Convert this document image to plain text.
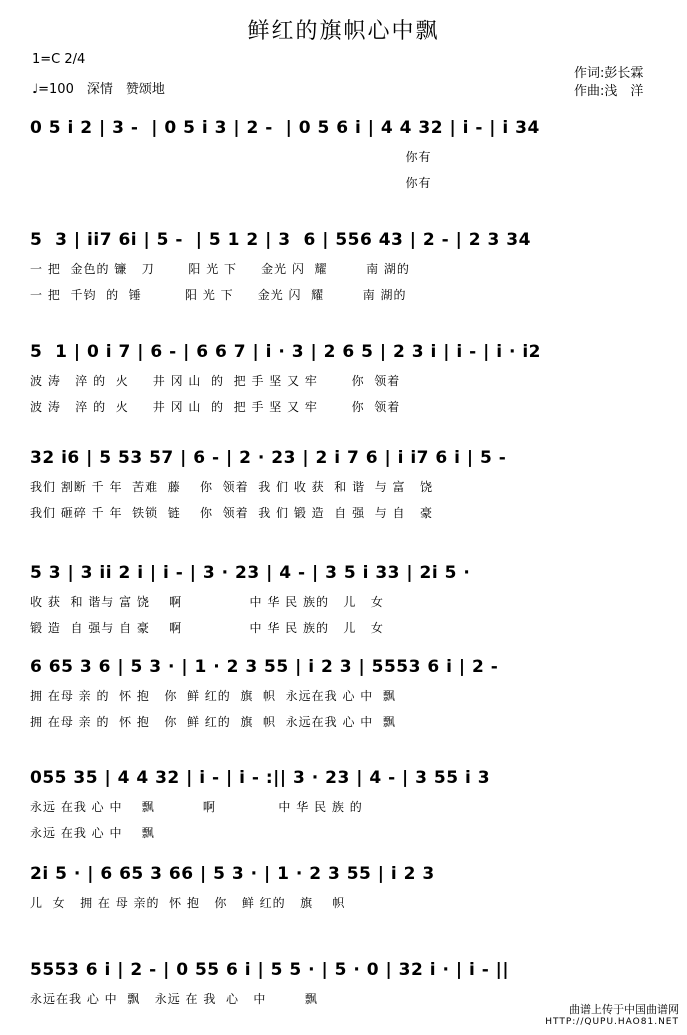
鲜红的旗帜心中飘
1=C 2/4
♩=100　深情　赞颂地
作词:彭长霖
作曲:浅　洋
0 5 i 2 | 3 -  | 0 5 i 3 | 2 -  | 0 5 6 i | 4 4 32 | i - | i 34
你有
你有
5  3 | ii7 6i | 5 -  | 5 1 2 | 3  6 | 556 43 | 2 - | 2 3 34
一 把  金色的 镰   刀       阳 光 下     金光 闪  耀        南 湖的
一 把  千钧  的  锤         阳 光 下     金光 闪  耀        南 湖的
5  1 | 0 i 7 | 6 - | 6 6 7 | i · 3 | 2 6 5 | 2 3 i | i - | i · i2
波 涛   淬 的  火     井 冈 山  的  把 手 坚 又 牢       你  领着
波 涛   淬 的  火     井 冈 山  的  把 手 坚 又 牢       你  领着
32 i6 | 5 53 57 | 6 - | 2 · 23 | 2 i 7 6 | i i7 6 i | 5 -
我们 割断 千 年  苦难  藤    你  领着  我 们 收 获  和 谐  与 富   饶
我们 砸碎 千 年  铁锁  链    你  领着  我 们 锻 造  自 强  与 自   豪
5 3 | 3 ii 2 i | i - | 3 · 23 | 4 - | 3 5 i 33 | 2i 5 ·
收 获  和 谐与 富 饶    啊              中 华 民 族的   儿   女
锻 造  自 强与 自 豪    啊              中 华 民 族的   儿   女
6 65 3 6 | 5 3 · | 1 · 2 3 55 | i 2 3 | 5553 6 i | 2 -
拥 在母 亲 的  怀 抱   你  鲜 红的  旗  帜  永远在我 心 中  飘
拥 在母 亲 的  怀 抱   你  鲜 红的  旗  帜  永远在我 心 中  飘
055 35 | 4 4 32 | i - | i - :|| 3 · 23 | 4 - | 3 55 i 3
永远 在我 心 中    飘          啊             中 华 民 族 的
永远 在我 心 中    飘
2i 5 · | 6 65 3 66 | 5 3 · | 1 · 2 3 55 | i 2 3
儿  女   拥 在 母 亲的  怀 抱   你   鲜 红的   旗    帜
5553 6 i | 2 - | 0 55 6 i | 5 5 · | 5 · 0 | 32 i · | i - ||
永远在我 心 中  飘   永远 在 我  心   中        飘
曲谱上传于中国曲谱网
HTTP://QUPU.HAO81.NET
